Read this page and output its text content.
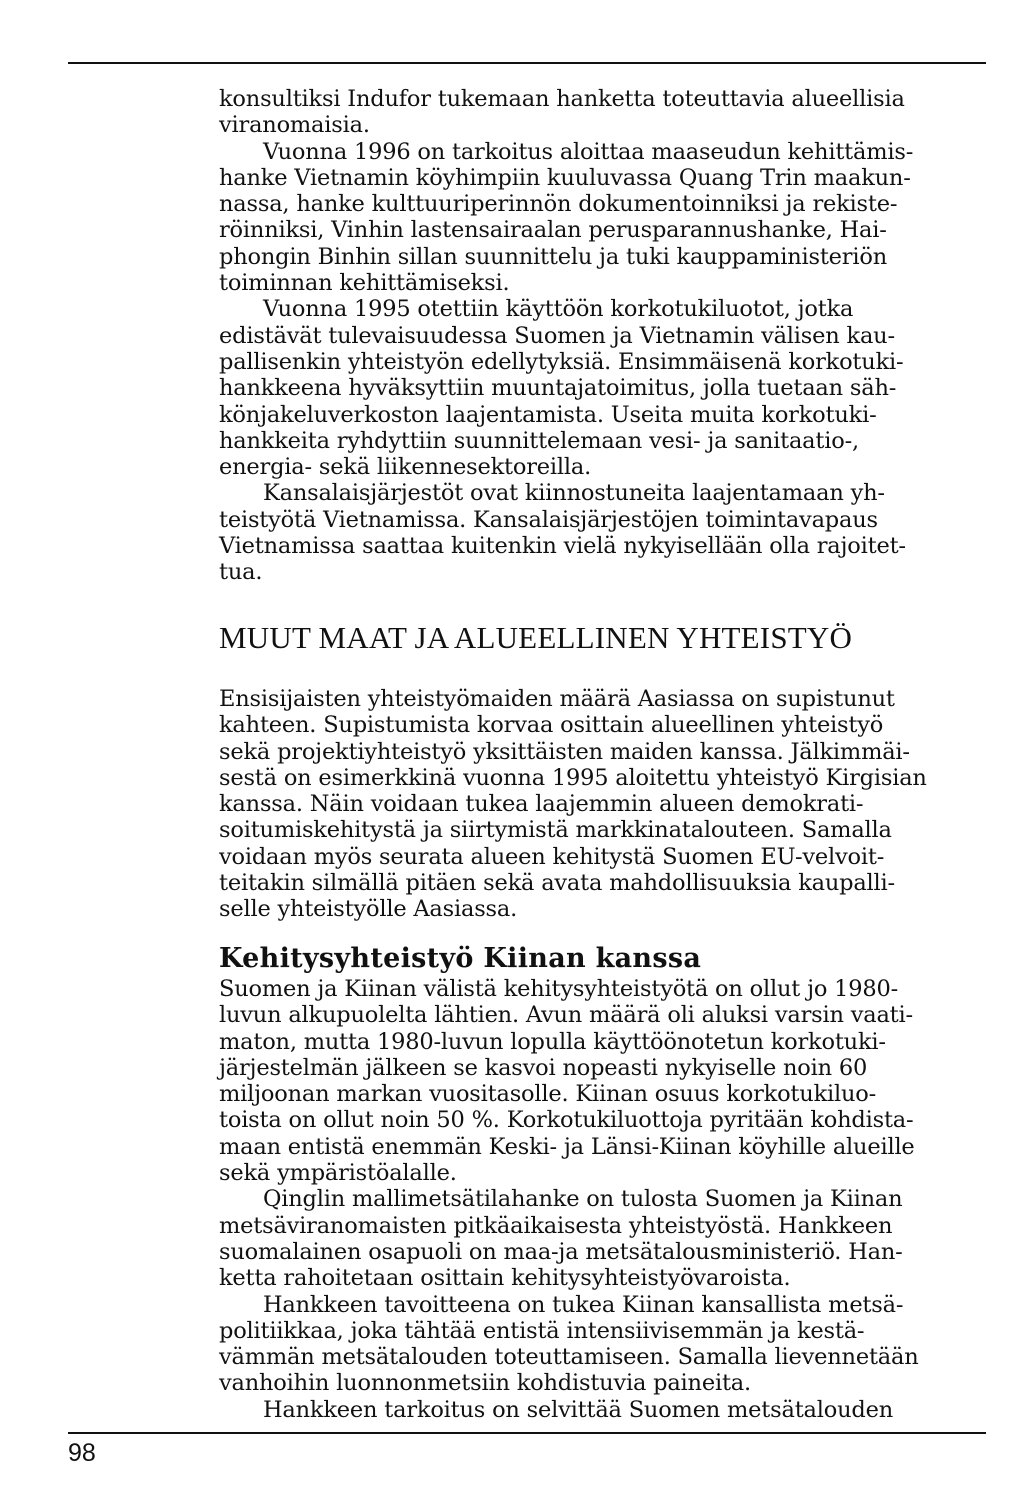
konsultiksi Indufor tukemaan hanketta toteuttavia alueellisia
viranomaisia.
Vuonna 1996 on tarkoitus aloittaa maaseudun kehittämis-
hanke Vietnamin köyhimpiin kuuluvassa Quang Trin maakun-
nassa, hanke kulttuuriperinnön dokumentoinniksi ja rekiste-
röinniksi, Vinhin lastensairaalan perusparannushanke, Hai-
phongin Binhin sillan suunnittelu ja tuki kauppaministeriön
toiminnan kehittämiseksi.
Vuonna 1995 otettiin käyttöön korkotukiluotot, jotka
edistävät tulevaisuudessa Suomen ja Vietnamin välisen kau-
pallisenkin yhteistyön edellytyksiä. Ensimmäisenä korkotuki-
hankkeena hyväksyttiin muuntajatoimitus, jolla tuetaan säh-
könjakeluverkoston laajentamista. Useita muita korkotuki-
hankkeita ryhdyttiin suunnittelemaan vesi- ja sanitaatio-,
energia- sekä liikennesektoreilla.
Kansalaisjärjestöt ovat kiinnostuneita laajentamaan yh-
teistyötä Vietnamissa. Kansalaisjärjestöjen toimintavapaus
Vietnamissa saattaa kuitenkin vielä nykyisellään olla rajoitet-
tua.

MUUT MAAT JA ALUEELLINEN YHTEISTYÖ

Ensisijaisten yhteistyömaiden määrä Aasiassa on supistunut
kahteen. Supistumista korvaa osittain alueellinen yhteistyö
sekä projektiyhteistyö yksittäisten maiden kanssa. Jälkimmäi-
sestä on esimerkkinä vuonna 1995 aloitettu yhteistyö Kirgisian
kanssa. Näin voidaan tukea laajemmin alueen demokrati-
soitumiskehitystä ja siirtymistä markkinatalouteen. Samalla
voidaan myös seurata alueen kehitystä Suomen EU-velvoit-
teitakin silmällä pitäen sekä avata mahdollisuuksia kaupalli-
selle yhteistyölle Aasiassa.

Kehitysyhteistyö Kiinan kanssa

Suomen ja Kiinan välistä kehitysyhteistyötä on ollut jo 1980-
luvun alkupuolelta lähtien. Avun määrä oli aluksi varsin vaati-
maton, mutta 1980-luvun lopulla käyttöönotetun korkotuki-
järjestelmän jälkeen se kasvoi nopeasti nykyiselle noin 60
miljoonan markan vuositasolle. Kiinan osuus korkotukiluo-
toista on ollut noin 50 %. Korkotukiluottoja pyritään kohdista-
maan entistä enemmän Keski- ja Länsi-Kiinan köyhille alueille
sekä ympäristöalalle.
Qinglin mallimetsätilahanke on tulosta Suomen ja Kiinan
metsäviranomaisten pitkäaikaisesta yhteistyöstä. Hankkeen
suomalainen osapuoli on maa-ja metsätalousministeriö. Han-
ketta rahoitetaan osittain kehitysyhteistyövaroista.
Hankkeen tavoitteena on tukea Kiinan kansallista metsä-
politiikkaa, joka tähtää entistä intensiivisemmän ja kestä-
vämmän metsätalouden toteuttamiseen. Samalla lievennetään
vanhoihin luonnonmetsiin kohdistuvia paineita.
Hankkeen tarkoitus on selvittää Suomen metsätalouden

98
